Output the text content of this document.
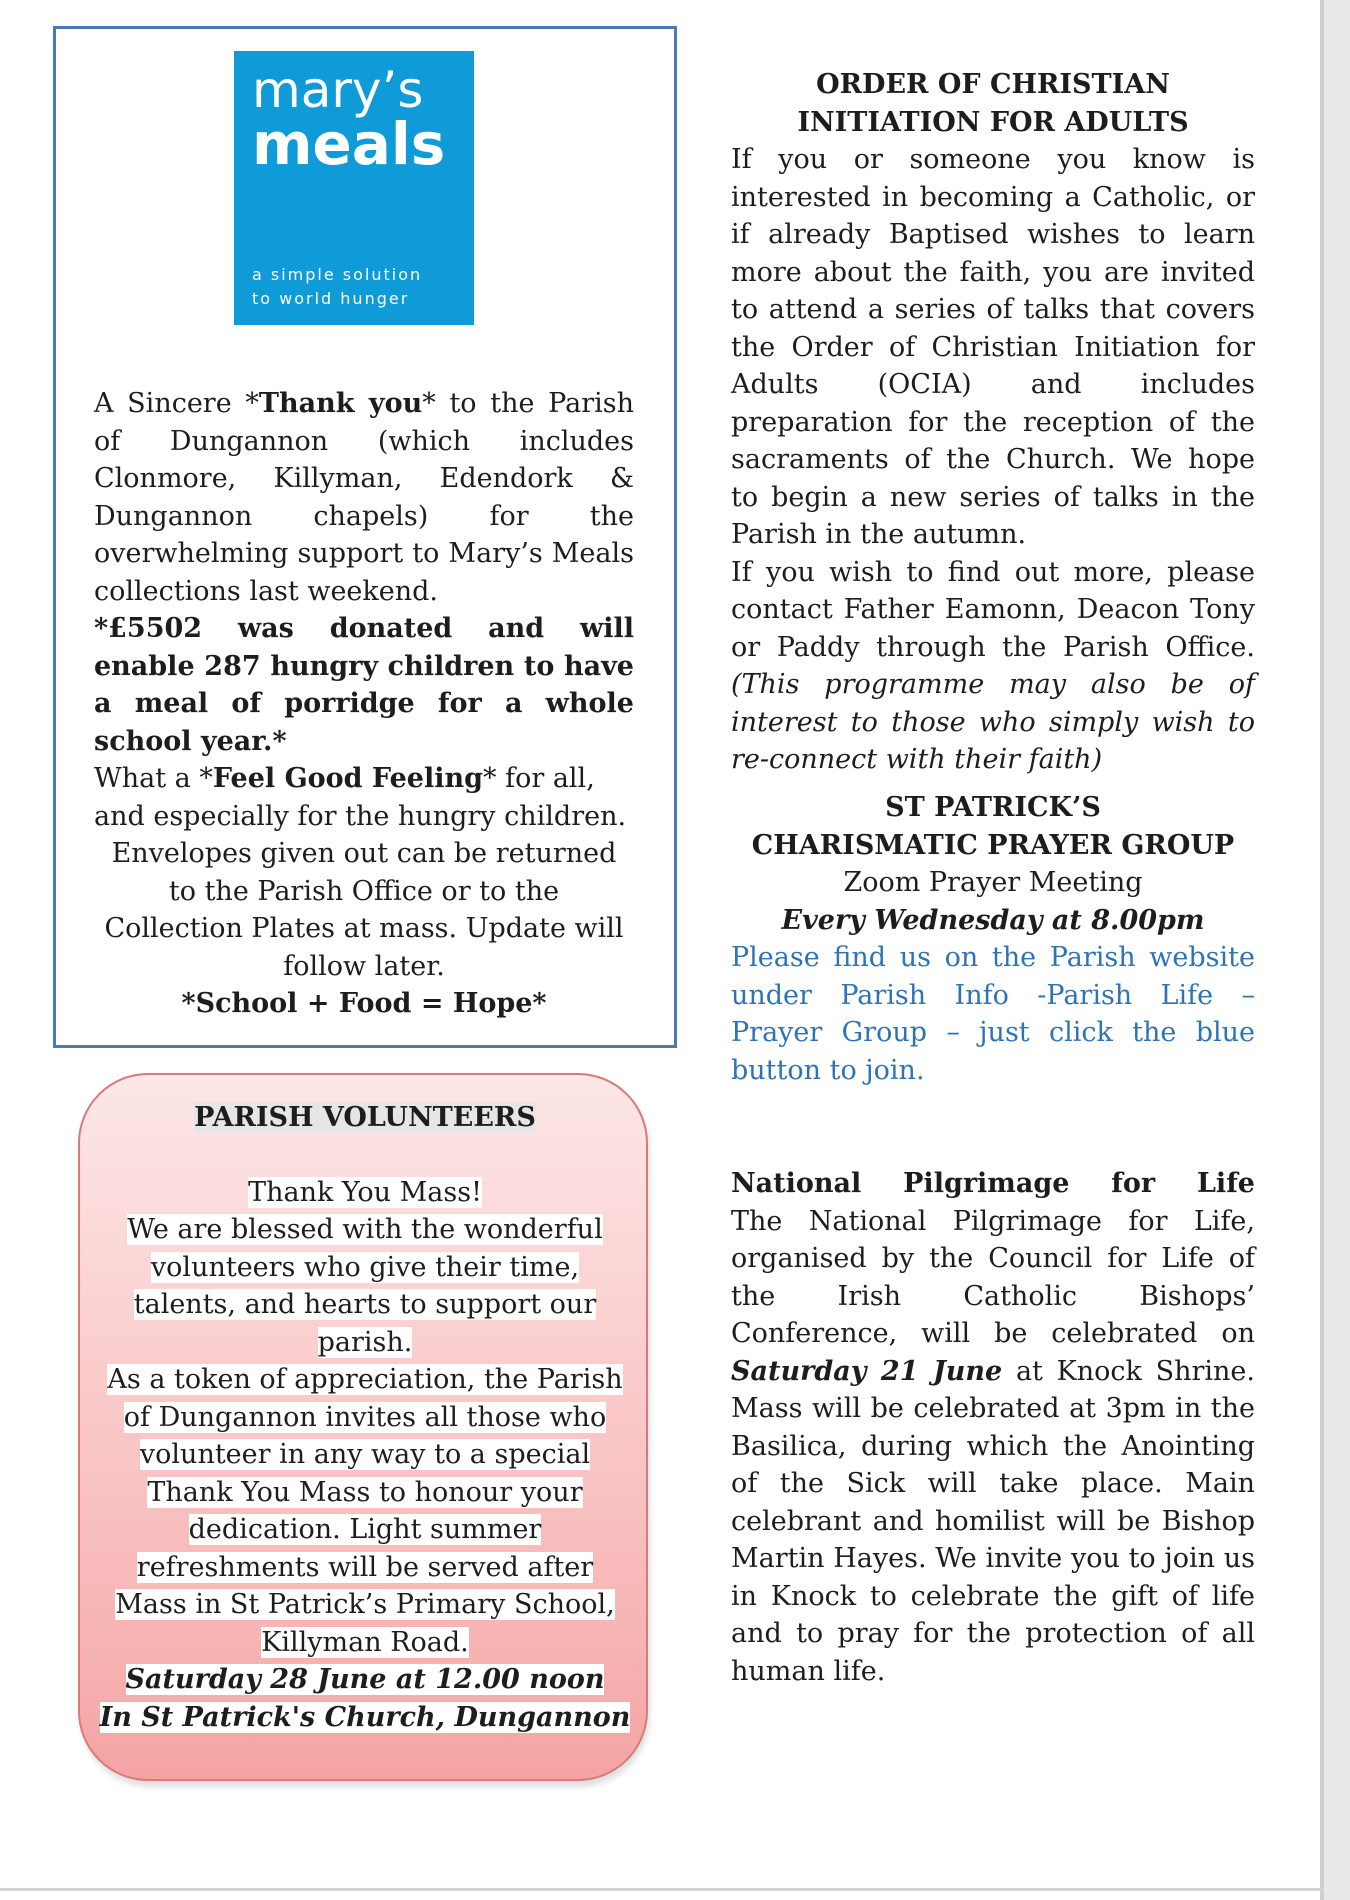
mary’s
meals
a simple solution
to world hunger

A Sincere *Thank you* to the Parish of Dungannon (which includes Clonmore, Killyman, Edendork & Dungannon chapels) for the overwhelming support to Mary’s Meals collections last weekend.

*£5502 was donated and will enable 287 hungry children to have a meal of porridge for a whole school year.*

What a *Feel Good Feeling* for all, and especially for the hungry children.

Envelopes given out can be returned to the Parish Office or to the Collection Plates at mass. Update will follow later.

*School + Food = Hope*

PARISH VOLUNTEERS

Thank You Mass!

We are blessed with the wonderful volunteers who give their time, talents, and hearts to support our parish.

As a token of appreciation, the Parish of Dungannon invites all those who volunteer in any way to a special Thank You Mass to honour your dedication. Light summer refreshments will be served after Mass in St Patrick’s Primary School, Killyman Road.

Saturday 28 June at 12.00 noon

In St Patrick's Church, Dungannon

ORDER OF CHRISTIAN INITIATION FOR ADULTS

If you or someone you know is interested in becoming a Catholic, or if already Baptised wishes to learn more about the faith, you are invited to attend a series of talks that covers the Order of Christian Initiation for Adults (OCIA) and includes preparation for the reception of the sacraments of the Church. We hope to begin a new series of talks in the Parish in the autumn.

If you wish to find out more, please contact Father Eamonn, Deacon Tony or Paddy through the Parish Office. (This programme may also be of interest to those who simply wish to re-connect with their faith)

ST PATRICK’S

CHARISMATIC PRAYER GROUP

Zoom Prayer Meeting

Every Wednesday at 8.00pm

Please find us on the Parish website under Parish Info -Parish Life – Prayer Group – just click the blue button to join.

National Pilgrimage for Life

The National Pilgrimage for Life, organised by the Council for Life of the Irish Catholic Bishops’ Conference, will be celebrated on Saturday 21 June at Knock Shrine. Mass will be celebrated at 3pm in the Basilica, during which the Anointing of the Sick will take place. Main celebrant and homilist will be Bishop Martin Hayes. We invite you to join us in Knock to celebrate the gift of life and to pray for the protection of all human life.
